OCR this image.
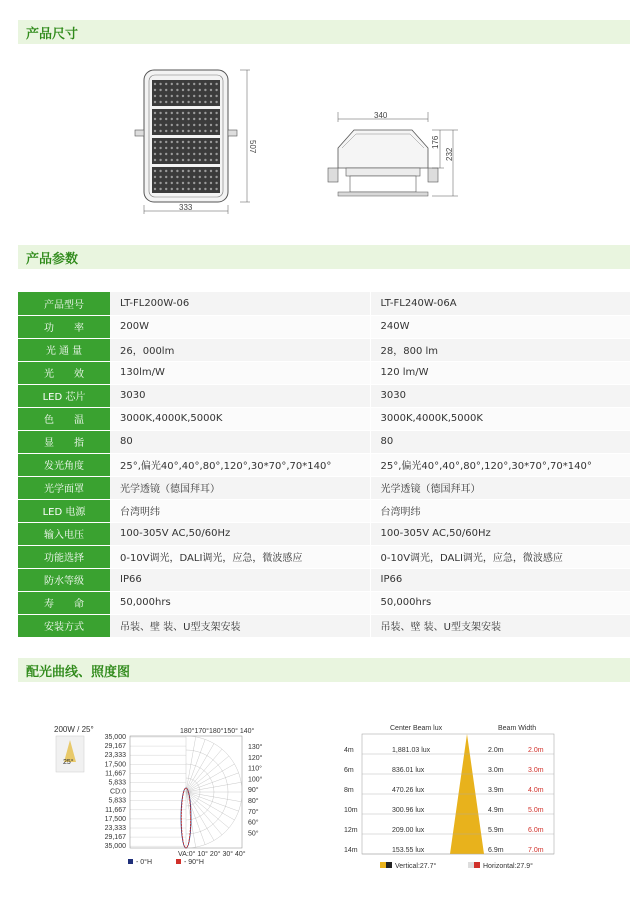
产品尺寸
产品参数
配光曲线、照度图
507
333
340
176
232
产品型号	LT-FL200W-06	LT-FL240W-06A
功　　率	200W	240W
光 通 量	26，000lm	28，800 lm
光　　效	130lm/W	120 lm/W
LED 芯片	3030	3030
色　　温	3000K,4000K,5000K	3000K,4000K,5000K
显　　指	80	80
发光角度	25°,偏光40°,40°,80°,120°,30*70°,70*140°	25°,偏光40°,40°,80°,120°,30*70°,70*140°
光学面罩	光学透镜（德国拜耳）	光学透镜（德国拜耳）
LED 电源	台湾明纬	台湾明纬
输入电压	100-305V AC,50/60Hz	100-305V AC,50/60Hz
功能选择	0-10V调光，DALI调光，应急，微波感应	0-10V调光，DALI调光，应急，微波感应
防水等级	IP66	IP66
寿　　命	50,000hrs	50,000hrs
安装方式	吊装、壁 装、U型支架安装	吊装、壁 装、U型支架安装
200W / 25°
25°
35,000
29,167
23,333
17,500
11,667
5,833
CD:0
5,833
11,667
17,500
23,333
29,167
35,000
180°170°180°150° 140°
130°
120°
110°
100°
90°
80°
70°
60°
50°
VA:0° 10° 20° 30° 40°
- 0°H	- 90°H
Center Beam lux	Beam Width
4m	1,881.03 lux	2.0m	2.0m
6m	836.01 lux	3.0m	3.0m
8m	470.26 lux	3.9m	4.0m
10m	300.96 lux	4.9m	5.0m
12m	209.00 lux	5.9m	6.0m
14m	153.55 lux	6.9m	7.0m
Vertical:27.7°	Horizontal:27.9°
